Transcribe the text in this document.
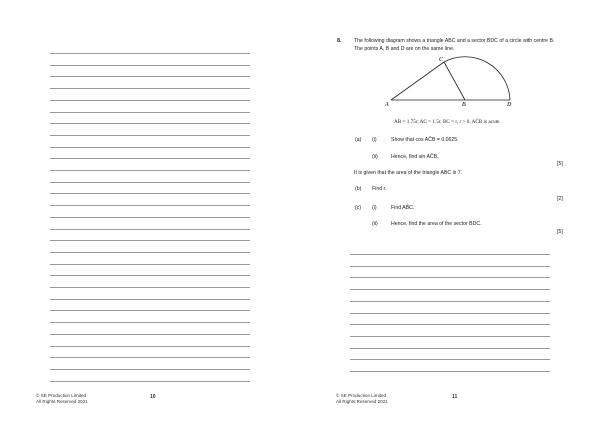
© SE Production Limited
All Rights Reserved 2021
10
8. The following diagram shows a triangle ABC and a sector BDC of a circle with centre B. The points A, B and D are on the same line.
A	B
C
D
AB = 1.75r, AC = 1.5r, BC = r, r > 0, AĈB is acute.
(a) (i)	Show that cos AĈB = 0.0625.
(ii)	Hence, find sin AĈB.
[5]
It is given that the area of the triangle ABC is 7.
(b) Find r.
[2]
(c) (i)	Find AB̂C.
(ii)	Hence, find the area of the sector BDC.
[5]
© SE Production Limited
All Rights Reserved 2021
11
